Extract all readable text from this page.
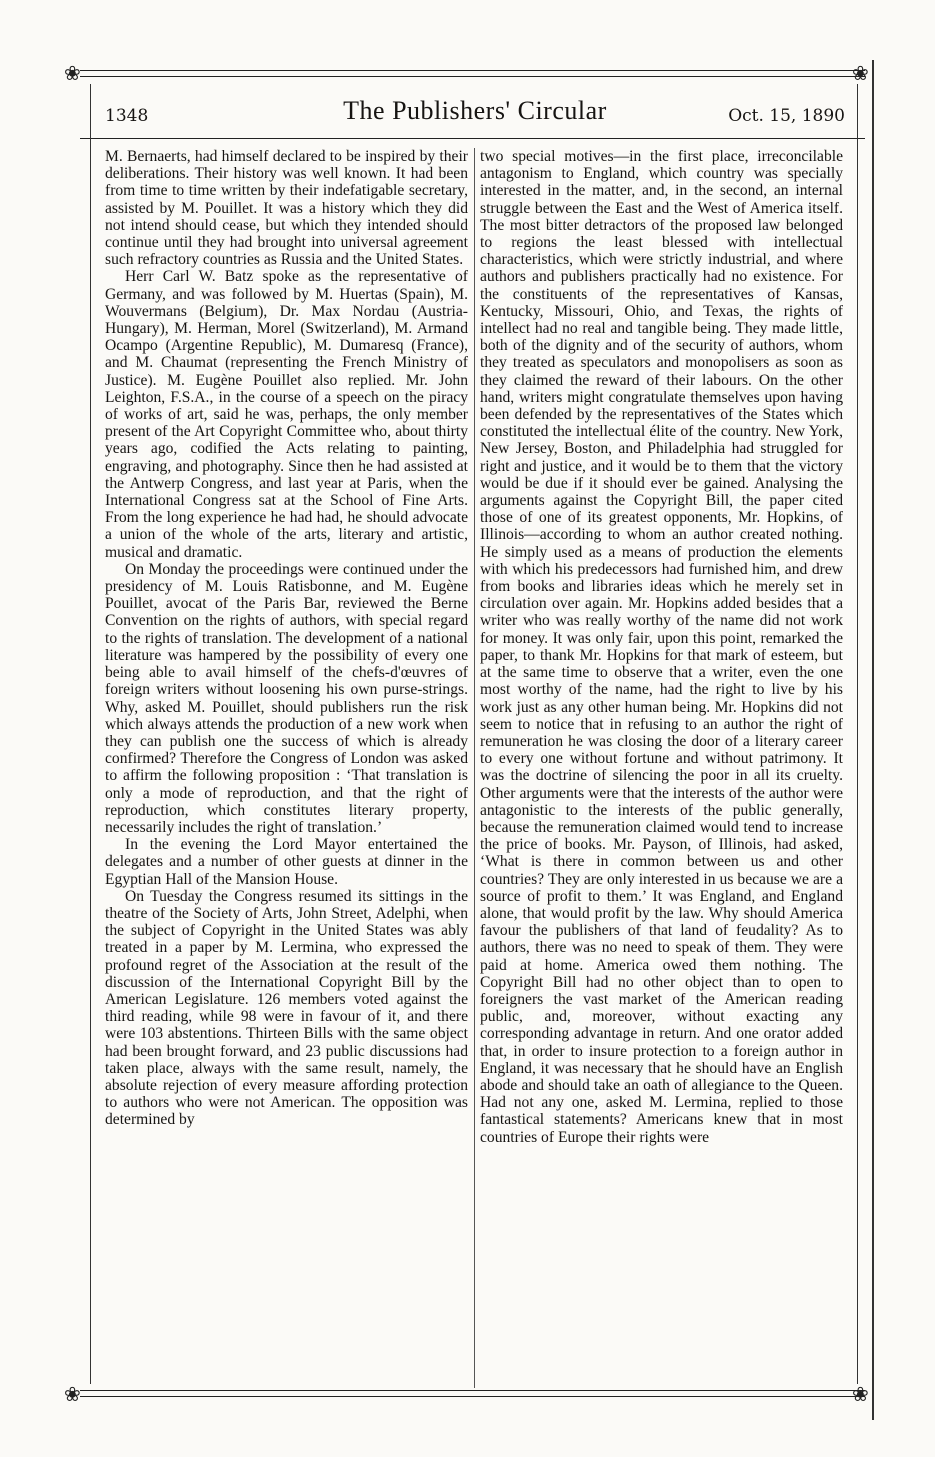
❀	❀
❀	❀
1348	The Publishers' Circular	Oct. 15, 1890

M. Bernaerts, had himself declared to be inspired by their deliberations. Their history was well known. It had been from time to time written by their indefatigable secretary, assisted by M. Pouillet. It was a history which they did not intend should cease, but which they intended should continue until they had brought into universal agreement such refractory countries as Russia and the United States.

Herr Carl W. Batz spoke as the representative of Germany, and was followed by M. Huertas (Spain), M. Wouvermans (Belgium), Dr. Max Nordau (Austria-Hungary), M. Herman, Morel (Switzerland), M. Armand Ocampo (Argentine Republic), M. Dumaresq (France), and M. Chaumat (representing the French Ministry of Justice). M. Eugène Pouillet also replied. Mr. John Leighton, F.S.A., in the course of a speech on the piracy of works of art, said he was, perhaps, the only member present of the Art Copyright Committee who, about thirty years ago, codified the Acts relating to painting, engraving, and photography. Since then he had assisted at the Antwerp Congress, and last year at Paris, when the International Congress sat at the School of Fine Arts. From the long experience he had had, he should advocate a union of the whole of the arts, literary and artistic, musical and dramatic.

On Monday the proceedings were continued under the presidency of M. Louis Ratisbonne, and M. Eugène Pouillet, avocat of the Paris Bar, reviewed the Berne Convention on the rights of authors, with special regard to the rights of translation. The development of a national literature was hampered by the possibility of every one being able to avail himself of the chefs-d'œuvres of foreign writers without loosening his own purse-strings. Why, asked M. Pouillet, should publishers run the risk which always attends the production of a new work when they can publish one the success of which is already confirmed? Therefore the Congress of London was asked to affirm the following proposition : ‘That translation is only a mode of reproduction, and that the right of reproduction, which constitutes literary property, necessarily includes the right of translation.’

In the evening the Lord Mayor entertained the delegates and a number of other guests at dinner in the Egyptian Hall of the Mansion House.

On Tuesday the Congress resumed its sittings in the theatre of the Society of Arts, John Street, Adelphi, when the subject of Copyright in the United States was ably treated in a paper by M. Lermina, who expressed the profound regret of the Association at the result of the discussion of the International Copyright Bill by the American Legislature. 126 members voted against the third reading, while 98 were in favour of it, and there were 103 abstentions. Thirteen Bills with the same object had been brought forward, and 23 public discussions had taken place, always with the same result, namely, the absolute rejection of every measure affording protection to authors who were not American. The opposition was determined by

two special motives—in the first place, irreconcilable antagonism to England, which country was specially interested in the matter, and, in the second, an internal struggle between the East and the West of America itself. The most bitter detractors of the proposed law belonged to regions the least blessed with intellectual characteristics, which were strictly industrial, and where authors and publishers practically had no existence. For the constituents of the representatives of Kansas, Kentucky, Missouri, Ohio, and Texas, the rights of intellect had no real and tangible being. They made little, both of the dignity and of the security of authors, whom they treated as speculators and monopolisers as soon as they claimed the reward of their labours. On the other hand, writers might congratulate themselves upon having been defended by the representatives of the States which constituted the intellectual élite of the country. New York, New Jersey, Boston, and Philadelphia had struggled for right and justice, and it would be to them that the victory would be due if it should ever be gained. Analysing the arguments against the Copyright Bill, the paper cited those of one of its greatest opponents, Mr. Hopkins, of Illinois—according to whom an author created nothing. He simply used as a means of production the elements with which his predecessors had furnished him, and drew from books and libraries ideas which he merely set in circulation over again. Mr. Hopkins added besides that a writer who was really worthy of the name did not work for money. It was only fair, upon this point, remarked the paper, to thank Mr. Hopkins for that mark of esteem, but at the same time to observe that a writer, even the one most worthy of the name, had the right to live by his work just as any other human being. Mr. Hopkins did not seem to notice that in refusing to an author the right of remuneration he was closing the door of a literary career to every one without fortune and without patrimony. It was the doctrine of silencing the poor in all its cruelty. Other arguments were that the interests of the author were antagonistic to the interests of the public generally, because the remuneration claimed would tend to increase the price of books. Mr. Payson, of Illinois, had asked, ‘What is there in common between us and other countries? They are only interested in us because we are a source of profit to them.’ It was England, and England alone, that would profit by the law. Why should America favour the publishers of that land of feudality? As to authors, there was no need to speak of them. They were paid at home. America owed them nothing. The Copyright Bill had no other object than to open to foreigners the vast market of the American reading public, and, moreover, without exacting any corresponding advantage in return. And one orator added that, in order to insure protection to a foreign author in England, it was necessary that he should have an English abode and should take an oath of allegiance to the Queen. Had not any one, asked M. Lermina, replied to those fantastical statements? Americans knew that in most countries of Europe their rights were
